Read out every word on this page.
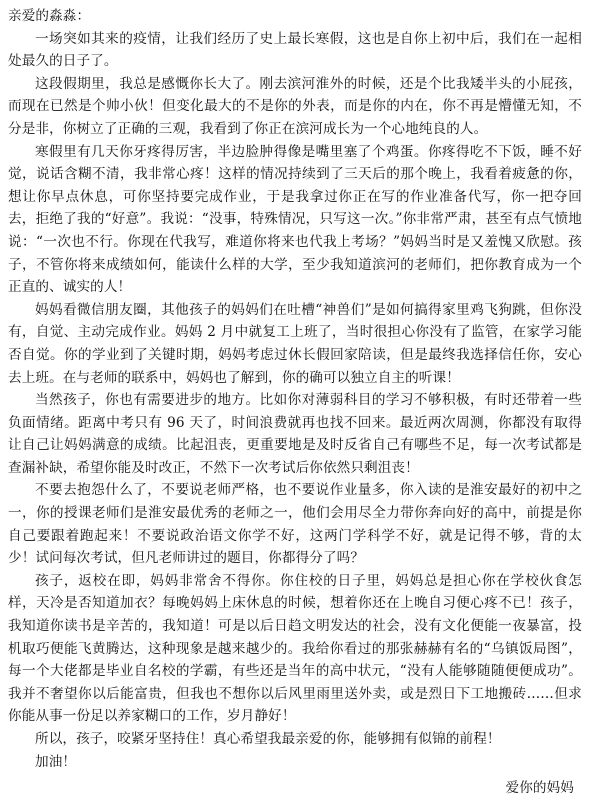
亲爱的淼淼：

一场突如其来的疫情，让我们经历了史上最长寒假，这也是自你上初中后，我们在一起相处最久的日子了。

这段假期里，我总是感慨你长大了。刚去滨河淮外的时候，还是个比我矮半头的小屁孩，而现在已然是个帅小伙！但变化最大的不是你的外表，而是你的内在，你不再是懵懂无知，不分是非，你树立了正确的三观，我看到了你正在滨河成长为一个心地纯良的人。

寒假里有几天你牙疼得厉害，半边脸肿得像是嘴里塞了个鸡蛋。你疼得吃不下饭，睡不好觉，说话含糊不清，我非常心疼！这样的情况持续到了三天后的那个晚上，我看着疲惫的你，想让你早点休息，可你坚持要完成作业，于是我拿过你正在写的作业准备代写，你一把夺回去，拒绝了我的“好意”。我说：“没事，特殊情况，只写这一次。”你非常严肃，甚至有点气愤地说：“一次也不行。你现在代我写，难道你将来也代我上考场？”妈妈当时是又羞愧又欣慰。孩子，不管你将来成绩如何，能读什么样的大学，至少我知道滨河的老师们，把你教育成为一个正直的、诚实的人！

妈妈看微信朋友圈，其他孩子的妈妈们在吐槽“神兽们”是如何搞得家里鸡飞狗跳，但你没有，自觉、主动完成作业。妈妈 2 月中就复工上班了，当时很担心你没有了监管，在家学习能否自觉。你的学业到了关键时期，妈妈考虑过休长假回家陪读，但是最终我选择信任你，安心去上班。在与老师的联系中，妈妈也了解到，你的确可以独立自主的听课！

当然孩子，你也有需要进步的地方。比如你对薄弱科目的学习不够积极，有时还带着一些负面情绪。距离中考只有 96 天了，时间浪费就再也找不回来。最近两次周测，你都没有取得让自己让妈妈满意的成绩。比起沮丧，更重要地是及时反省自己有哪些不足，每一次考试都是查漏补缺，希望你能及时改正，不然下一次考试后你依然只剩沮丧！

不要去抱怨什么了，不要说老师严格，也不要说作业量多，你入读的是淮安最好的初中之一，你的授课老师们是淮安最优秀的老师之一，他们会用尽全力带你奔向好的高中，前提是你自己要跟着跑起来！不要说政治语文你学不好，这两门学科学不好，就是记得不够，背的太少！试问每次考试，但凡老师讲过的题目，你都得分了吗？

孩子，返校在即，妈妈非常舍不得你。你住校的日子里，妈妈总是担心你在学校伙食怎样，天冷是否知道加衣？每晚妈妈上床休息的时候，想着你还在上晚自习便心疼不已！孩子，我知道你读书是辛苦的，我知道！可是以后日趋文明发达的社会，没有文化便能一夜暴富，投机取巧便能飞黄腾达，这种现象是越来越少的。我给你看过的那张赫赫有名的“乌镇饭局图”，每一个大佬都是毕业自名校的学霸，有些还是当年的高中状元，“没有人能够随随便便成功”。我并不奢望你以后能富贵，但我也不想你以后风里雨里送外卖，或是烈日下工地搬砖……但求你能从事一份足以养家糊口的工作，岁月静好！

所以，孩子，咬紧牙坚持住！真心希望我最亲爱的你，能够拥有似锦的前程！

加油！

爱你的妈妈
